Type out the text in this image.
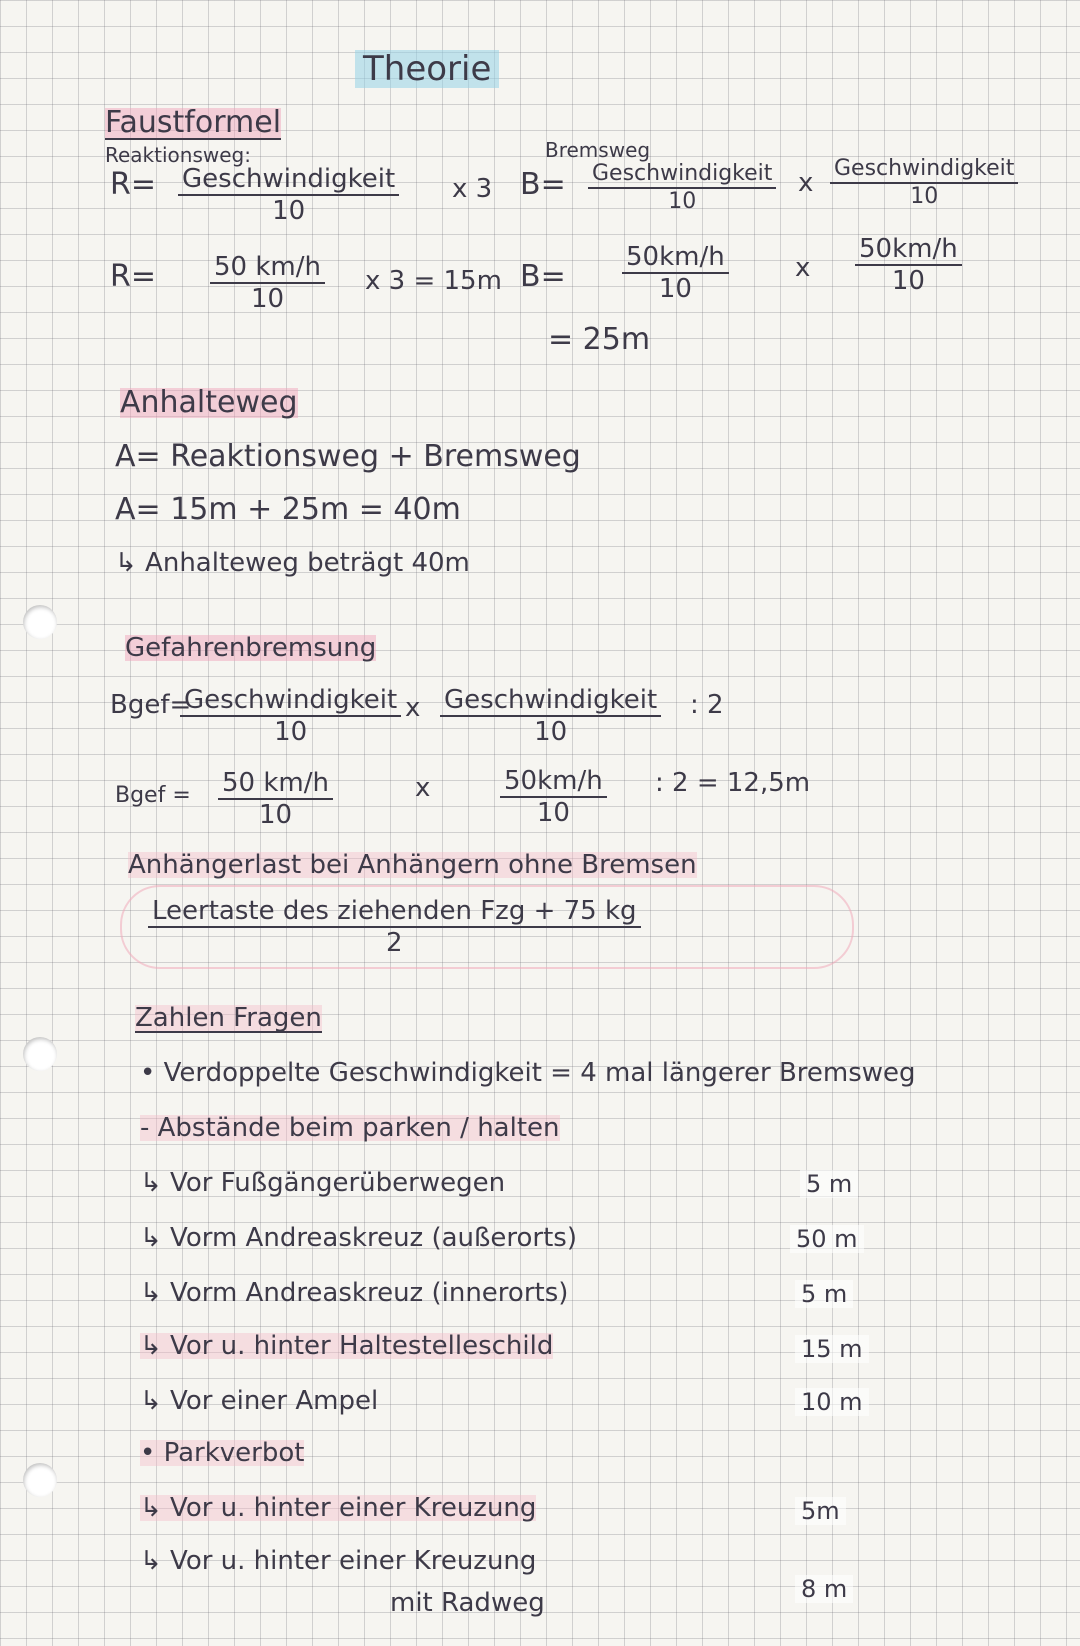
Theorie
Faustformel
Reaktionsweg:	Bremsweg
R= Geschwindigkeit
10
x 3 B= Geschwindigkeit
10
x Geschwindigkeit
10
$R= \frac{50 km/h}{10}$ x 3 = 15m $B= \frac{50km/h}{10}$	x $\frac{50km/h}{10}$
= 25m
Anhalteweg
A= Reaktionsweg + Bremsweg
A= 15m + 25m = 40m
↳ Anhalteweg beträgt 40m
Gefahrenbremsung
Bgef=
Geschwindigkeit
10
x Geschwindigkeit
10
: 2
Bgef = $\frac{50 km/h}{10}$	x	$\frac{50km/h}{10}$ : 2 = 12,5m
Anhängerlast bei Anhängern ohne Bremsen
Leertaste des ziehenden Fzg + 75 kg
2
Zahlen Fragen
• Verdoppelte Geschwindigkeit = 4 mal längerer Bremsweg
- Abstände beim parken / halten
↳ Vor Fußgängerüberwegen	5 m
↳ Vorm Andreaskreuz (außerorts)	50 m
↳ Vorm Andreaskreuz (innerorts)	5 m
↳ Vor u. hinter Haltestelleschild	15 m
↳ Vor einer Ampel	10 m
• Parkverbot
↳ Vor u. hinter einer Kreuzung	5m
↳ Vor u. hinter einer Kreuzung
mit Radweg	8 m
